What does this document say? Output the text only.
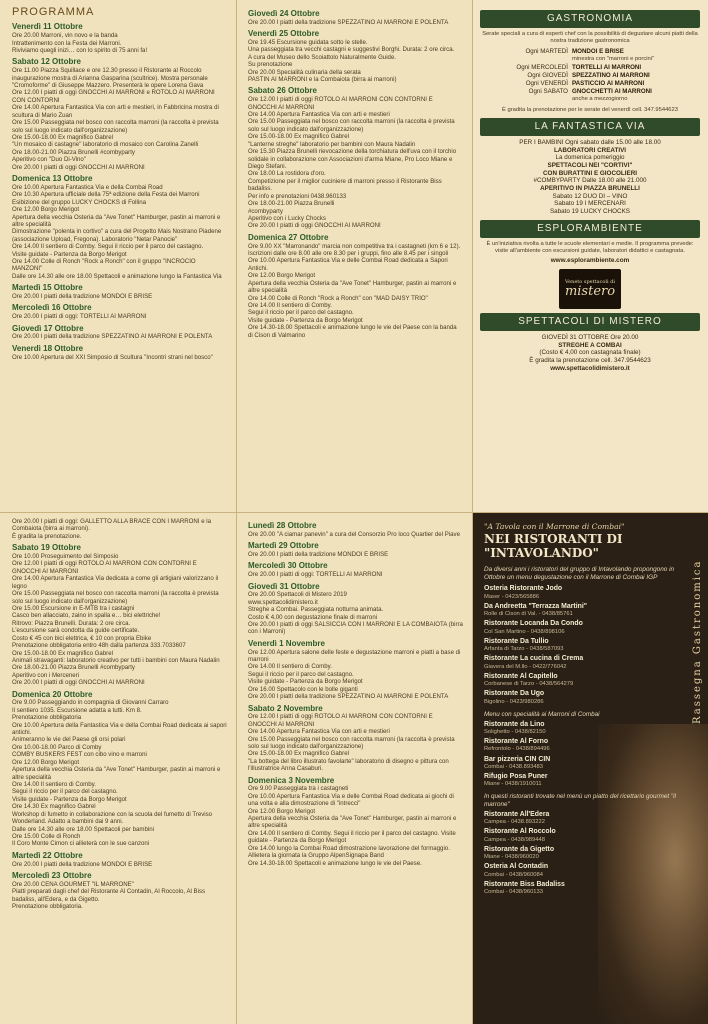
PROGRAMMA
Venerdì 11 Ottobre
Ore 20.00 Marroni, vin novo e la banda
Intrattenimento con la Festa dei Marroni.
Riviviamo quegli inizi… con lo spirito di 75 anni fa!
Sabato 12 Ottobre
Ore 11.00 Piazza Squillace e ore 12.30 presso il Ristorante al Roccolo inaugurazione mostra di Arianna Gasparina (scultrice). Mostra personale "Cromoforme" di Giuseppe Mazzero. Presenterà le opere Lorena Gava
Ore 12.00 I piatti di oggi GNOCCHI AI MARRONI e ROTOLO AI MARRONI CON CONTORNI
Ore 14.00 Apertura Fantastica Via con arti e mestieri, in Fabbricina mostra di scultura di Mario Zuan
Ore 15.00 Passeggiata nel bosco con raccolta marroni (la raccolta è prevista solo sul luogo indicato dall'organizzazione)
Ore 15.00-18.00 Ex magnifico Gabrel
"Un mosaico di castagne" laboratorio di mosaico con Carolina Zanelli
Ore 18.00-21.00 Piazza Brunelli #combyparty
Aperitivo con "Duo Di-Vino"
Ore 20.00 I piatti di oggi GNOCCHI AI MARRONI
Domenica 13 Ottobre
Ore 10.00 Apertura Fantastica Via e della Combai Road
Ore 10.30 Apertura ufficiale della 75ª edizione della Festa dei Marroni
Esibizione del gruppo LUCKY CHOCKS di Follina
Ore 12.00 Borgo Merigot
Apertura della vecchia Osteria da "Ave Tonet" Hamburger, pastin ai marroni e altre specialità
Dimostrazione "polenta in cortivo" a cura del Progetto Mais Nostrano Piadene (associazione Upload, Fregona). Laboratorio "Netar Panocie"
Ore 14.00 Il sentiero di Comby. Segui il riccio per il parco del castagno.
Visite guidate - Partenza da Borgo Merigot
Ore 14.00 Colle di Ronch "Rock a Ronch" con il gruppo "INCROCIO MANZONI"
Dalle ore 14.30 alle ore 18.00 Spettacoli e animazione lungo la Fantastica Via
Martedì 15 Ottobre
Ore 20.00 I piatti della tradizione MONDOI E BRISE
Mercoledì 16 Ottobre
Ore 20.00 I piatti di oggi: TORTELLI AI MARRONI
Giovedì 17 Ottobre
Ore 20.00 I piatti della tradizione SPEZZATINO AI MARRONI E POLENTA
Venerdì 18 Ottobre
Ore 10.00 Apertura del XXI Simposio di Scultura "Incontri strani nel bosco"
Giovedì 24 Ottobre
Ore 20.00 I piatti della tradizione SPEZZATINO AI MARRONI E POLENTA
Venerdì 25 Ottobre
Ore 19.45 Escursione guidata sotto le stelle.
Una passeggiata tra vecchi castagni e suggestivi Borghi. Durata: 2 ore circa.
A cura del Museo dello Scoiattolo Naturalmente Guide.
Su prenotazione
Ore 20.00 Specialità culinaria della serata
PASTIN AI MARRONI e la Combaiota (birra ai marroni)
Sabato 26 Ottobre
Ore 12.00 I piatti di oggi ROTOLO AI MARRONI CON CONTORNI E GNOCCHI AI MARRONI
Ore 14.00 Apertura Fantastica Via con arti e mestieri
Ore 15.00 Passeggiata nel bosco con raccolta marroni (la raccolta è prevista solo sul luogo indicato dall'organizzazione)
Ore 15.00-18.00 Ex magnifico Gabrel
"Lanterne streghe" laboratorio per bambini con Maura Nadalin
Ore 15.30 Piazza Brunelli rievocazione della torchiatura dell'uva con il torchio solidale in collaborazione con Associazioni d'arma Miane, Pro Loco Miane e Diego Stefani.
Ore 18.00 La rostidora d'oro.
Competizione per il miglior cuciniere di marroni presso il Ristorante Biss badaliss.
Per info e prenotazioni 0438.960133
Ore 18.00-21.00 Piazza Brunelli
#combyparty
Aperitivo con i Lucky Chocks
Ore 20.00 I piatti di oggi GNOCCHI AI MARRONI
Domenica 27 Ottobre
Ore 9.00 XX "Marronando" marcia non competitiva tra i castagneti (km 6 e 12).
Iscrizioni dalle ore 8.00 alle ore 8.30 per i gruppi, fino alle 8.45 per i singoli
Ore 10.00 Apertura Fantastica Via e delle Combai Road dedicata a Sapori Antichi.
Ore 12.00 Borgo Merigot
Apertura della vecchia Osteria da "Ave Tonet" Hamburger, pastin ai marroni e altre specialità
Ore 14.00 Colle di Ronch "Rock a Ronch" con "MAD DAISY TRIO"
Ore 14.00 Il sentiero di Comby.
Segui il riccio per il parco del castagno.
Visite guidate - Partenza da Borgo Merigot
Ore 14.30-18.00 Spettacoli e animazione lungo le vie del Paese con la banda di Cison di Valmarino
GASTRONOMIA
Serate speciali a cura di esperti chef con la possibilità di degustare alcuni piatti della nostra tradizione gastronomica
Ogni MARTEDÌ MONDOI E BRISE
minestra con "marroni e porcini"
Ogni MERCOLEDÌ TORTELLI AI MARRONI
Ogni GIOVEDÌ SPEZZATINO AI MARRONI
Ogni VENERDÌ PASTICCIO AI MARRONI
Ogni SABATO GNOCCHETTI AI MARRONI
anche a mezzogiorno
È gradita la prenotazione per le serate del venerdì cell. 347.9544623
LA FANTASTICA VIA
PER I BAMBINI Ogni sabato dalle 15.00 alle 18.00
LABORATORI CREATIVI
La domenica pomeriggio
SPETTACOLI NEI "CORTIVI"
CON BURATTINI E GIOCOLIERI
#COMBYPARTY Dalle 18.00 alle 21.000
APERITIVO IN PIAZZA BRUNELLI
Sabato 12 DUO DI – VINO
Sabato 19 I MERCENARI
Sabato 19 LUCKY CHOCKS
ESPLORAMBIENTE
È un'iniziativa rivolta a tutte le scuole elementari e medie. Il programma prevede: visite all'ambiente con escursioni guidate, laboratori didattici e castagnata.
www.esplorambiente.com
Veneto spettacoli di
mistero
SPETTACOLI DI MISTERO
GIOVEDÌ 31 OTTOBRE Ore 20.00
STREGHE A COMBAI
(Costo € 4,00 con castagnata finale)
È gradita la prenotazione cell. 347.9544623
www.spettacolidimistero.it
Ore 20.00 I piatti di oggi: GALLETTO ALLA BRACE CON I MARRONI e la Combaiota (birra ai marroni).
È gradita la prenotazione.
Sabato 19 Ottobre
Ore 10.00 Proseguimento del Simposio
Ore 12.00 I piatti di oggi ROTOLO AI MARRONI CON CONTORNI E GNOCCHI AI MARRONI
Ore 14.00 Apertura Fantastica Via dedicata a come gli artigiani valorizzano il legno
Ore 15.00 Passeggiata nel bosco con raccolta marroni (la raccolta è prevista solo sul luogo indicato dall'organizzazione)
Ore 15.00 Escursione in E-MTB tra i castagni
Casco ben allacciato, zaino in spalla e… bici elettriche!
Ritrovo: Piazza Brunelli. Durata: 2 ore circa.
L'escursione sarà condotta da guide certificate.
Costo € 45 con bici elettrica, € 10 con propria Ebike
Prenotazione obbligatoria entro 48h dalla partenza 333.7033607
Ore 15.00-18.00 Ex magnifico Gabrel
Animali stravaganti: laboratorio creativo per tutti i bambini con Maura Nadalin
Ore 18.00-21.00 Piazza Brunelli #combyparty
Aperitivo con i Merceneri
Ore 20.00 I piatti di oggi GNOCCHI AI MARRONI
Domenica 20 Ottobre
Ore 9.00 Passeggiando in compagnia di Giovanni Carraro
Il sentiero 1035. Escursione adatta a tutti. Km 8.
Prenotazione obbligatoria
Ore 10.00 Apertura della Fantastica Via e della Combai Road dedicata ai sapori antichi.
Animeranno le vie del Paese gli orsi polari
Ore 10.00-18.00 Parco di Comby
COMBY BUSKERS FEST con cibo vino e marroni
Ore 12.00 Borgo Merigot
Apertura della vecchia Osteria da "Ave Tonet" Hamburger, pastin ai marroni e altre specialità
Ore 14.00 Il sentiero di Comby.
Segui il riccio per il parco del castagno.
Visite guidate - Partenza da Borgo Merigot
Ore 14.30 Ex magnifico Gabrel
Workshop di fumetto in collaborazione con la scuola del fumetto di Treviso Wonderland. Adatto a bambini dai 9 anni.
Dalle ore 14.30 alle ore 18.00 Spettacoli per bambini
Ore 15.00 Colle di Ronch
Il Coro Monte Cimon ci allieterà con le sue canzoni
Martedì 22 Ottobre
Ore 20.00 I piatti della tradizione MONDOI E BRISE
Mercoledì 23 Ottobre
Ore 20.00 CENA GOURMET "IL MARRONE"
Piatti preparati dagli chef del Ristorante Al Contadin, Al Roccolo, Al Biss badaliss, all'Edera, e da Gigetto.
Prenotazione obbligatoria.
Lunedì 28 Ottobre
Ore 20.00 "A ciamar panevin" a cura del Consorzio Pro loco Quartier del Piave
Martedì 29 Ottobre
Ore 20.00 I piatti della tradizione MONDOI E BRISE
Mercoledì 30 Ottobre
Ore 20.00 I piatti di oggi: TORTELLI AI MARRONI
Giovedì 31 Ottobre
Ore 20.00 Spettacoli di Mistero 2019
www.spettacolidimistero.it
Streghe a Combai. Passeggiata notturna animata.
Costo € 4,00 con degustazione finale di marroni
Ore 20.00 I piatti di oggi SALSICCIA CON I MARRONI E LA COMBAIOTA (birra con i Marroni)
Venerdì 1 Novembre
Ore 12.00 Apertura salone delle feste e degustazione marroni e piatti a base di marroni
Ore 14.00 Il sentiero di Comby.
Segui il riccio per il parco del castagno.
Visite guidate - Partenza da Borgo Merigot
Ore 16.00 Spettacolo con le bolle giganti
Ore 20.00 I piatti della tradizione SPEZZATINO AI MARRONI E POLENTA
Sabato 2 Novembre
Ore 12.00 I piatti di oggi ROTOLO AI MARRONI CON CONTORNI E GNOCCHI AI MARRONI
Ore 14.00 Apertura Fantastica Via con arti e mestieri
Ore 15.00 Passeggiata nel bosco con raccolta marroni (la raccolta è prevista solo sul luogo indicato dall'organizzazione)
Ore 15.00-18.00 Ex magnifico Gabrel
"La bottega del libro illustrato favolarte" laboratorio di disegno e pittura con l'illustratrice Anna Casaburi.
Domenica 3 Novembre
Ore 9.00 Passeggiata tra i castagneti
Ore 10.00 Apertura Fantastica Via e delle Combai Road dedicata ai giochi di una volta e alla dimostrazione di "intrecci"
Ore 12.00 Borgo Merigot
Apertura della vecchia Osteria da "Ave Tonet" Hamburger, pastin ai marroni e altre specialità
Ore 14.00 Il sentiero di Comby. Segui il riccio per il parco del castagno. Visite guidate - Partenza da Borgo Merigot
Ore 14.00 lungo la Combai Road dimostrazione lavorazione del formaggio. Allietera la giornata la Gruppo AlpenSignapa Band
Ore 14.30-18.00 Spettacoli e animazione lungo le vie del Paese.
Rassegna Gastronomica
"A Tavola con il Marrone di Combai"
NEI RISTORANTI DI "INTAVOLANDO"
Da diversi anni i ristoratori del gruppo di Intavolando propongono in Ottobre un menu degustazione con il Marrone di Combai IGP
Osteria Ristorante Jodo
Maser - 0423/565886
Da Andreetta "Terrazza Martini"
Rolle di Cison di Val. - 0438/85761
Ristorante Locanda Da Condo
Col San Martino - 0438/898106
Ristorante Da Tullio
Arfanta di Tarzo - 0438/587093
Ristorante La cucina di Crema
Giavera del M.llo - 0422/776042
Ristorante Al Capitello
Corbanese di Tarzo - 0438/564279
Ristorante Da Ugo
Bigolino - 0423/980286
Menu con specialità ai Marroni di Combai
Ristorante da Lino
Solighetto - 0438/82150
Ristorante Al Forno
Refrontolo - 0438/894496
Bar pizzeria CIN CIN
Combai - 0438.893483
Rifugio Posa Puner
Miane - 0438/1910011
In questi ristoranti trovate nel menù un piatto del ricettario gourmet "il marrone"
Ristorante All'Edera
Campea - 0438.893222
Ristorante Al Roccolo
Campea - 0438/989448
Ristorante da Gigetto
Miane - 0438/960020
Osteria Al Contadin
Combai - 0438/960084
Ristorante Biss Badaliss
Combai - 0438/960133
